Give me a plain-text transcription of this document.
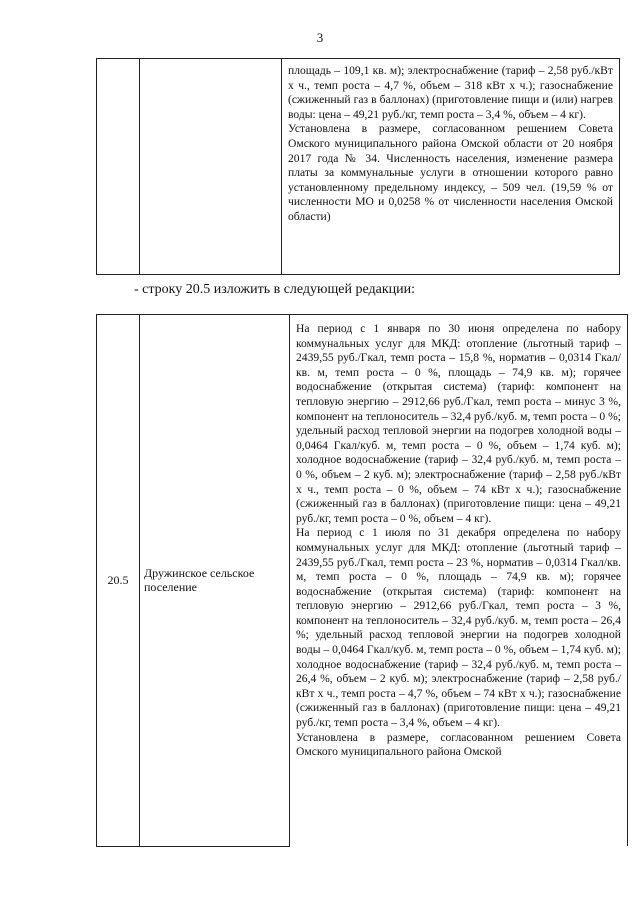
3

площадь – 109,1 кв. м); электроснабжение (тариф – 2,58 руб./кВт х ч., темп роста – 4,7 %, объем – 318 кВт х ч.); газоснабжение (сжиженный газ в баллонах) (приготовление пищи и (или) нагрев воды: цена – 49,21 руб./кг, темп роста – 3,4 %, объем – 4 кг).

Установлена в размере, согласованном решением Совета Омского муниципального района Омской области от 20 ноября 2017 года № 34. Численность населения, изменение размера платы за коммунальные услуги в отношении которого равно установленному предельному индексу, – 509 чел. (19,59 % от численности МО и 0,0258 % от численности населения Омской области)

- строку 20.5 изложить в следующей редакции:
20.5	Дружинское сельское поселение	

На период с 1 января по 30 июня определена по набору коммунальных услуг для МКД: отопление (льготный тариф – 2439,55 руб./Гкал, темп роста – 15,8 %, норматив – 0,0314 Гкал/кв. м, темп роста – 0 %, площадь – 74,9 кв. м); горячее водоснабжение (открытая система) (тариф: компонент на тепловую энергию – 2912,66 руб./Гкал, темп роста – минус 3 %, компонент на теплоноситель – 32,4 руб./куб. м, темп роста – 0 %; удельный расход тепловой энергии на подогрев холодной воды – 0,0464 Гкал/куб. м, темп роста – 0 %, объем – 1,74 куб. м); холодное водоснабжение (тариф – 32,4 руб./куб. м, темп роста – 0 %, объем – 2 куб. м); электроснабжение (тариф – 2,58 руб./кВт х ч., темп роста – 0 %, объем – 74 кВт х ч.); газоснабжение (сжиженный газ в баллонах) (приготовление пищи: цена – 49,21 руб./кг, темп роста – 0 %, объем – 4 кг).

На период с 1 июля по 31 декабря определена по набору коммунальных услуг для МКД: отопление (льготный тариф – 2439,55 руб./Гкал, темп роста – 23 %, норматив – 0,0314 Гкал/кв. м, темп роста – 0 %, площадь – 74,9 кв. м); горячее водоснабжение (открытая система) (тариф: компонент на тепловую энергию – 2912,66 руб./Гкал, темп роста – 3 %, компонент на теплоноситель – 32,4 руб./куб. м, темп роста – 26,4 %; удельный расход тепловой энергии на подогрев холодной воды – 0,0464 Гкал/куб. м, темп роста – 0 %, объем – 1,74 куб. м); холодное водоснабжение (тариф – 32,4 руб./куб. м, темп роста – 26,4 %, объем – 2 куб. м); электроснабжение (тариф – 2,58 руб./кВт х ч., темп роста – 4,7 %, объем – 74 кВт х ч.); газоснабжение (сжиженный газ в баллонах) (приготовление пищи: цена – 49,21 руб./кг, темп роста – 3,4 %, объем – 4 кг).

Установлена в размере, согласованном решением Совета Омского муниципального района Омской
